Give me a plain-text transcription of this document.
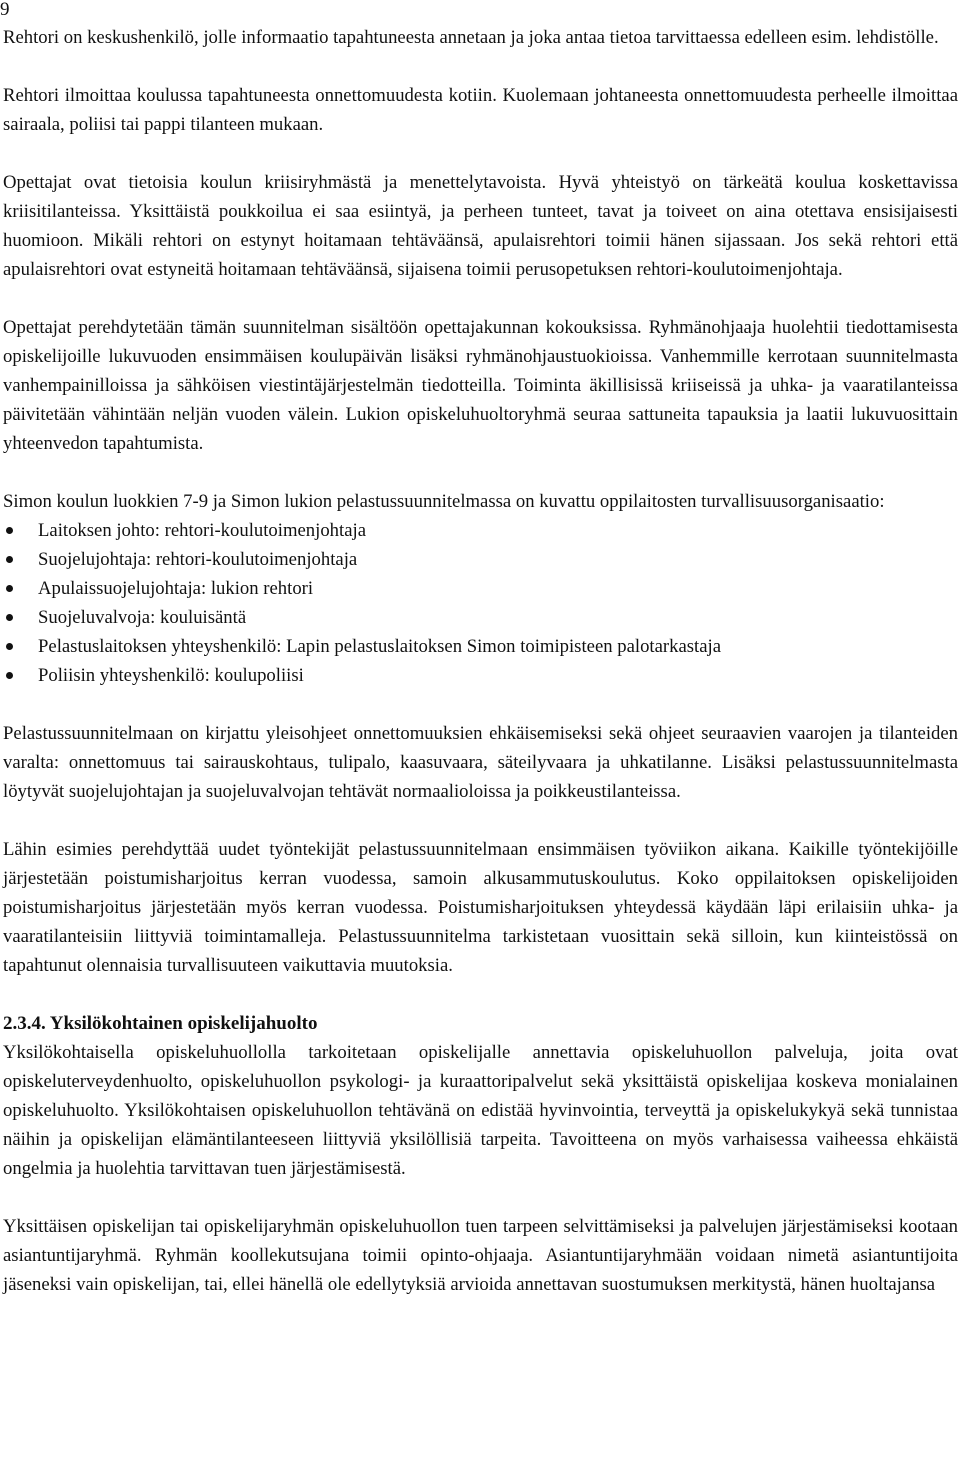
9

Rehtori on keskushenkilö, jolle informaatio tapahtuneesta annetaan ja joka antaa tietoa tarvittaessa edelleen esim. lehdistölle.

Rehtori ilmoittaa koulussa tapahtuneesta onnettomuudesta kotiin. Kuolemaan johtaneesta onnettomuudesta perheelle ilmoittaa sairaala, poliisi tai pappi tilanteen mukaan.

Opettajat ovat tietoisia koulun kriisiryhmästä ja menettelytavoista. Hyvä yhteistyö on tärkeätä koulua koskettavissa kriisitilanteissa. Yksittäistä poukkoilua ei saa esiintyä, ja perheen tunteet, tavat ja toiveet on aina otettava ensisijaisesti huomioon. Mikäli rehtori on estynyt hoitamaan tehtäväänsä, apulaisrehtori toimii hänen sijassaan. Jos sekä rehtori että apulaisrehtori ovat estyneitä hoitamaan tehtäväänsä, sijaisena toimii perusopetuksen rehtori-koulutoimenjohtaja.

Opettajat perehdytetään tämän suunnitelman sisältöön opettajakunnan kokouksissa. Ryhmänohjaaja huolehtii tiedottamisesta opiskelijoille lukuvuoden ensimmäisen koulupäivän lisäksi ryhmänohjaustuokioissa. Vanhemmille kerrotaan suunnitelmasta vanhempainilloissa ja sähköisen viestintäjärjestelmän tiedotteilla. Toiminta äkillisissä kriiseissä ja uhka- ja vaaratilanteissa päivitetään vähintään neljän vuoden välein. Lukion opiskeluhuoltoryhmä seuraa sattuneita tapauksia ja laatii lukuvuosittain yhteenvedon tapahtumista.

Simon koulun luokkien 7-9 ja Simon lukion pelastussuunnitelmassa on kuvattu oppilaitosten turvallisuusorganisaatio:

Laitoksen johto: rehtori-koulutoimenjohtaja
Suojelujohtaja: rehtori-koulutoimenjohtaja
Apulaissuojelujohtaja: lukion rehtori
Suojeluvalvoja: kouluisäntä
Pelastuslaitoksen yhteyshenkilö: Lapin pelastuslaitoksen Simon toimipisteen palotarkastaja
Poliisin yhteyshenkilö: koulupoliisi

Pelastussuunnitelmaan on kirjattu yleisohjeet onnettomuuksien ehkäisemiseksi sekä ohjeet seuraavien vaarojen ja tilanteiden varalta: onnettomuus tai sairauskohtaus, tulipalo, kaasuvaara, säteilyvaara ja uhkatilanne. Lisäksi pelastussuunnitelmasta löytyvät suojelujohtajan ja suojeluvalvojan tehtävät normaalioloissa ja poikkeustilanteissa.

Lähin esimies perehdyttää uudet työntekijät pelastussuunnitelmaan ensimmäisen työviikon aikana. Kaikille työntekijöille järjestetään poistumisharjoitus kerran vuodessa, samoin alkusammutuskoulutus. Koko oppilaitoksen opiskelijoiden poistumisharjoitus järjestetään myös kerran vuodessa. Poistumisharjoituksen yhteydessä käydään läpi erilaisiin uhka- ja vaaratilanteisiin liittyviä toimintamalleja. Pelastussuunnitelma tarkistetaan vuosittain sekä silloin, kun kiinteistössä on tapahtunut olennaisia turvallisuuteen vaikuttavia muutoksia.

2.3.4. Yksilökohtainen opiskelijahuolto

Yksilökohtaisella opiskeluhuollolla tarkoitetaan opiskelijalle annettavia opiskeluhuollon palveluja, joita ovat opiskeluterveydenhuolto, opiskeluhuollon psykologi- ja kuraattoripalvelut sekä yksittäistä opiskelijaa koskeva monialainen opiskeluhuolto. Yksilökohtaisen opiskeluhuollon tehtävänä on edistää hyvinvointia, terveyttä ja opiskelukykyä sekä tunnistaa näihin ja opiskelijan elämäntilanteeseen liittyviä yksilöllisiä tarpeita. Tavoitteena on myös varhaisessa vaiheessa ehkäistä ongelmia ja huolehtia tarvittavan tuen järjestämisestä.

Yksittäisen opiskelijan tai opiskelijaryhmän opiskeluhuollon tuen tarpeen selvittämiseksi ja palvelujen järjestämiseksi kootaan asiantuntijaryhmä. Ryhmän koollekutsujana toimii opinto-ohjaaja. Asiantuntijaryhmään voidaan nimetä asiantuntijoita jäseneksi vain opiskelijan, tai, ellei hänellä ole edellytyksiä arvioida annettavan suostumuksen merkitystä, hänen huoltajansa
